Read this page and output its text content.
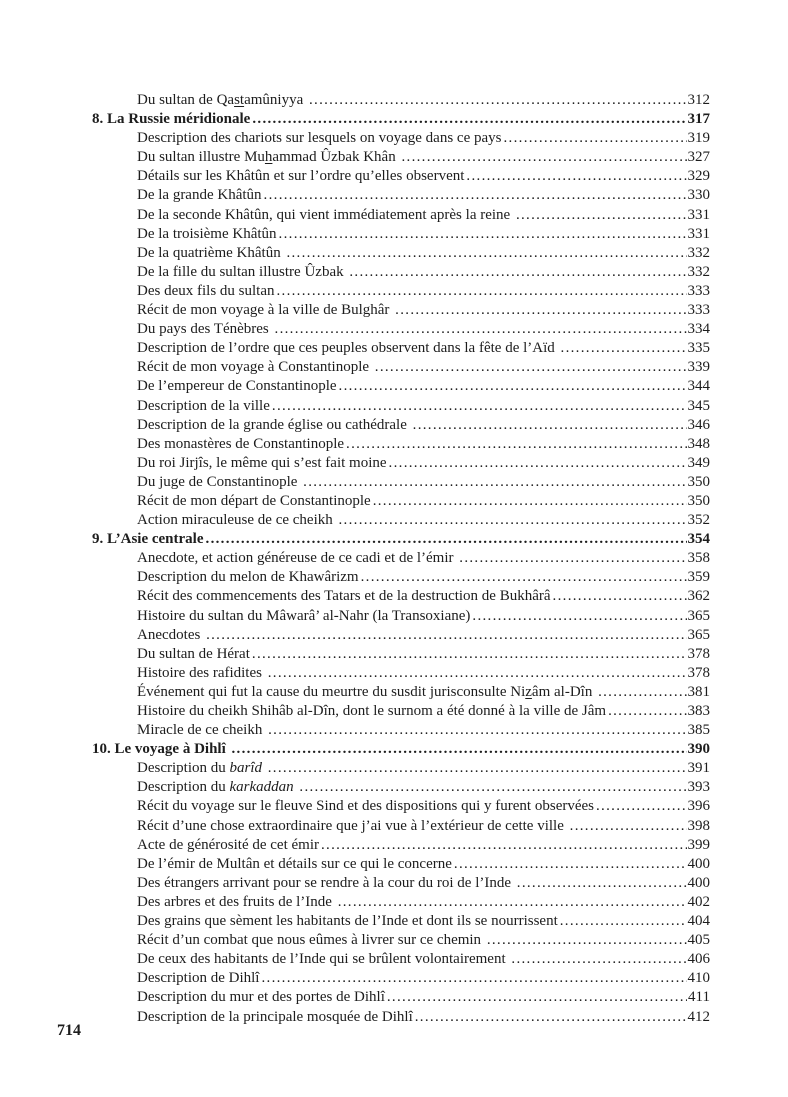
Du sultan de Qastamûniyya .....	312
8. La Russie méridionale .....	317
Description des chariots sur lesquels on voyage dans ce pays .....	319
Du sultan illustre Muhammad Ûzbak Khân .....	327
Détails sur les Khâtûn et sur l’ordre qu’elles observent .....	329
De la grande Khâtûn .....	330
De la seconde Khâtûn, qui vient immédiatement après la reine .....	331
De la troisième Khâtûn .....	331
De la quatrième Khâtûn .....	332
De la fille du sultan illustre Ûzbak .....	332
Des deux fils du sultan .....	333
Récit de mon voyage à la ville de Bulghâr .....	333
Du pays des Ténèbres .....	334
Description de l’ordre que ces peuples observent dans la fête de l’Aïd .....	335
Récit de mon voyage à Constantinople .....	339
De l’empereur de Constantinople .....	344
Description de la ville .....	345
Description de la grande église ou cathédrale .....	346
Des monastères de Constantinople .....	348
Du roi Jirjîs, le même qui s’est fait moine .....	349
Du juge de Constantinople .....	350
Récit de mon départ de Constantinople .....	350
Action miraculeuse de ce cheikh .....	352
9. L’Asie centrale .....	354
Anecdote, et action généreuse de ce cadi et de l’émir .....	358
Description du melon de Khawârizm .....	359
Récit des commencements des Tatars et de la destruction de Bukhârâ .....	362
Histoire du sultan du Mâwarâ’ al-Nahr (la Transoxiane) .....	365
Anecdotes .....	365
Du sultan de Hérat .....	378
Histoire des rafidites .....	378
Événement qui fut la cause du meurtre du susdit jurisconsulte Nizâm al-Dîn .....	381
Histoire du cheikh Shihâb al-Dîn, dont le surnom a été donné à la ville de Jâm .....	383
Miracle de ce cheikh .....	385
10. Le voyage à Dihlî .....	390
Description du barîd .....	391
Description du karkaddan .....	393
Récit du voyage sur le fleuve Sind et des dispositions qui y furent observées .....	396
Récit d’une chose extraordinaire que j’ai vue à l’extérieur de cette ville .....	398
Acte de générosité de cet émir .....	399
De l’émir de Multân et détails sur ce qui le concerne .....	400
Des étrangers arrivant pour se rendre à la cour du roi de l’Inde .....	400
Des arbres et des fruits de l’Inde .....	402
Des grains que sèment les habitants de l’Inde et dont ils se nourrissent .....	404
Récit d’un combat que nous eûmes à livrer sur ce chemin .....	405
De ceux des habitants de l’Inde qui se brûlent volontairement .....	406
Description de Dihlî .....	410
Description du mur et des portes de Dihlî .....	411
Description de la principale mosquée de Dihlî .....	412
714
